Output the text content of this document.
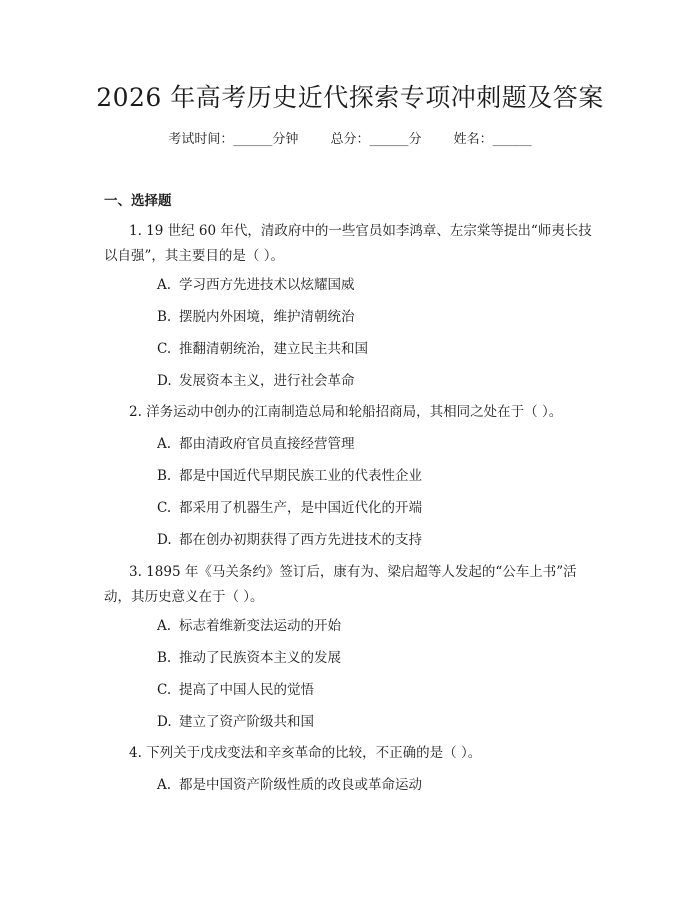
2026 年高考历史近代探索专项冲刺题及答案
考试时间：______分钟 总分：______分 姓名：______
一、选择题
1. 19 世纪 60 年代，清政府中的一些官员如李鸿章、左宗棠等提出“师夷长技以自强”，其主要目的是（ ）。
A. 学习西方先进技术以炫耀国威
B. 摆脱内外困境，维护清朝统治
C. 推翻清朝统治，建立民主共和国
D. 发展资本主义，进行社会革命
2. 洋务运动中创办的江南制造总局和轮船招商局，其相同之处在于（ ）。
A. 都由清政府官员直接经营管理
B. 都是中国近代早期民族工业的代表性企业
C. 都采用了机器生产，是中国近代化的开端
D. 都在创办初期获得了西方先进技术的支持
3. 1895 年《马关条约》签订后，康有为、梁启超等人发起的“公车上书”活动，其历史意义在于（ ）。
A. 标志着维新变法运动的开始
B. 推动了民族资本主义的发展
C. 提高了中国人民的觉悟
D. 建立了资产阶级共和国
4. 下列关于戊戌变法和辛亥革命的比较，不正确的是（ ）。
A. 都是中国资产阶级性质的改良或革命运动
